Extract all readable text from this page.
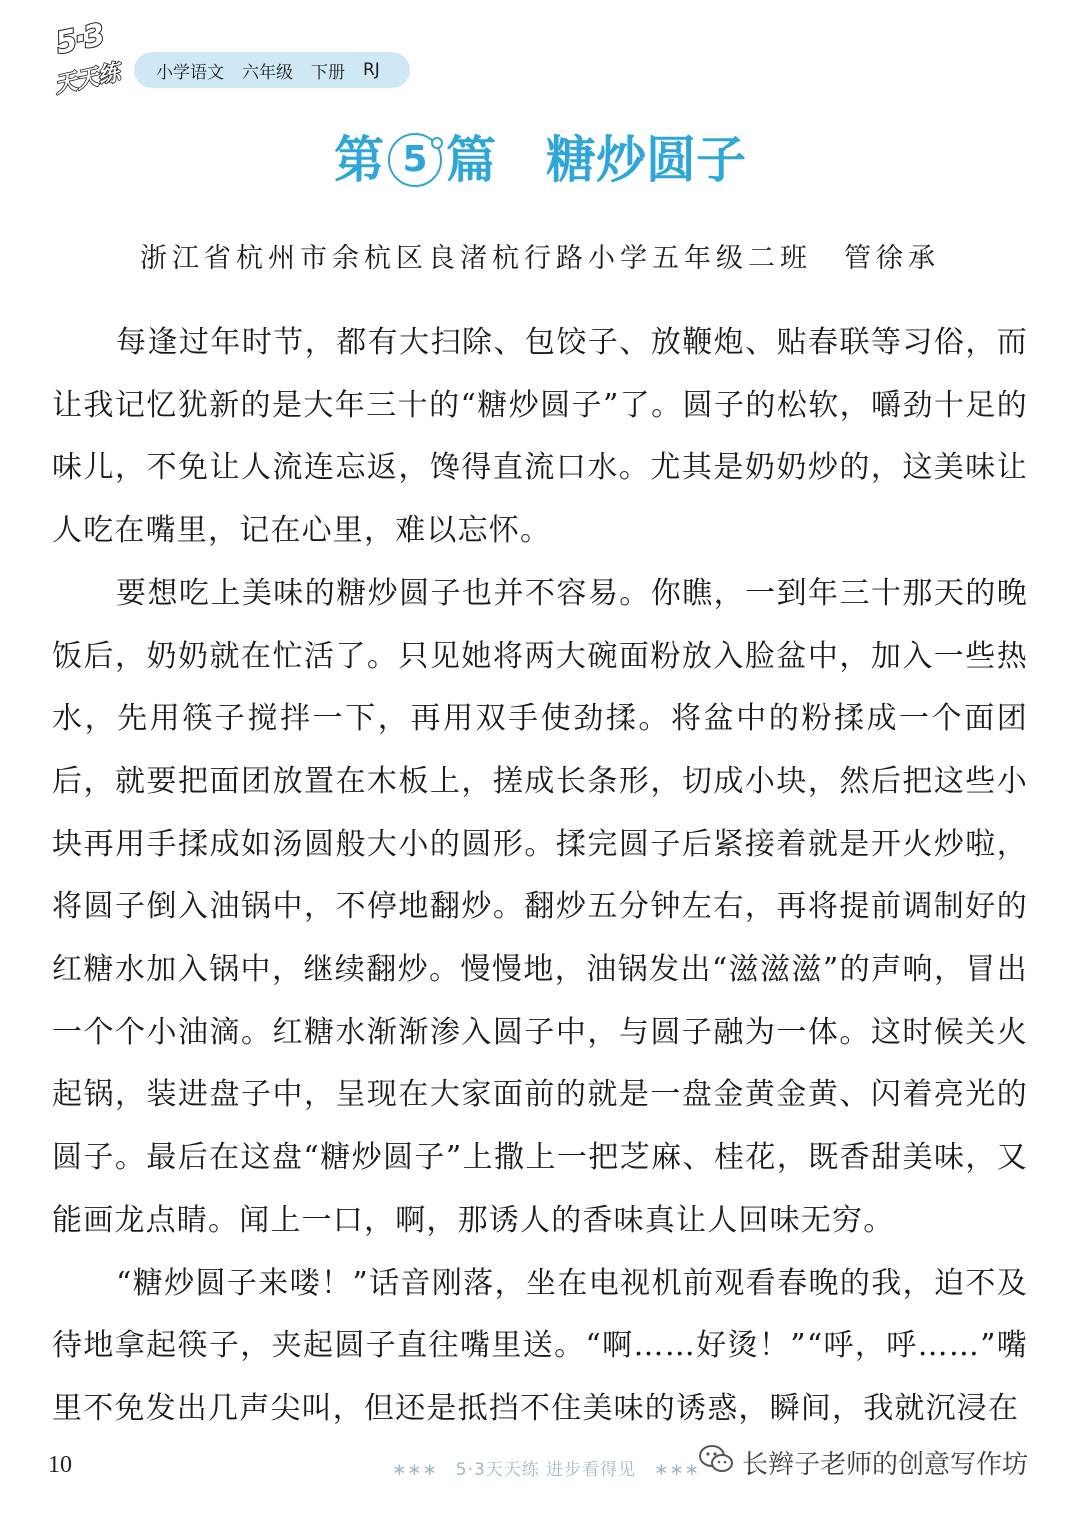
5·3
天天练 小学语文 六年级 下册 RJ
第 5 篇 糖炒圆子
浙江省杭州市余杭区良渚杭行路小学五年级二班　管徐承

每逢过年时节，都有大扫除、包饺子、放鞭炮、贴春联等习俗，而让我记忆犹新的是大年三十的“糖炒圆子”了。圆子的松软，嚼劲十足的味儿，不免让人流连忘返，馋得直流口水。尤其是奶奶炒的，这美味让人吃在嘴里，记在心里，难以忘怀。

要想吃上美味的糖炒圆子也并不容易。你瞧，一到年三十那天的晚饭后，奶奶就在忙活了。只见她将两大碗面粉放入脸盆中，加入一些热水，先用筷子搅拌一下，再用双手使劲揉。将盆中的粉揉成一个面团后，就要把面团放置在木板上，搓成长条形，切成小块，然后把这些小块再用手揉成如汤圆般大小的圆形。揉完圆子后紧接着就是开火炒啦，将圆子倒入油锅中，不停地翻炒。翻炒五分钟左右，再将提前调制好的红糖水加入锅中，继续翻炒。慢慢地，油锅发出“滋滋滋”的声响，冒出一个个小油滴。红糖水渐渐渗入圆子中，与圆子融为一体。这时候关火起锅，装进盘子中，呈现在大家面前的就是一盘金黄金黄、闪着亮光的圆子。最后在这盘“糖炒圆子”上撒上一把芝麻、桂花，既香甜美味，又能画龙点睛。闻上一口，啊，那诱人的香味真让人回味无穷。

“糖炒圆子来喽！”话音刚落，坐在电视机前观看春晚的我，迫不及待地拿起筷子，夹起圆子直往嘴里送。“啊……好烫！”“呼，呼……”嘴里不免发出几声尖叫，但还是抵挡不住美味的诱惑，瞬间，我就沉浸在

10	∗∗∗　5·3天天练 进步看得见　∗∗∗ 长辫子老师的创意写作坊
